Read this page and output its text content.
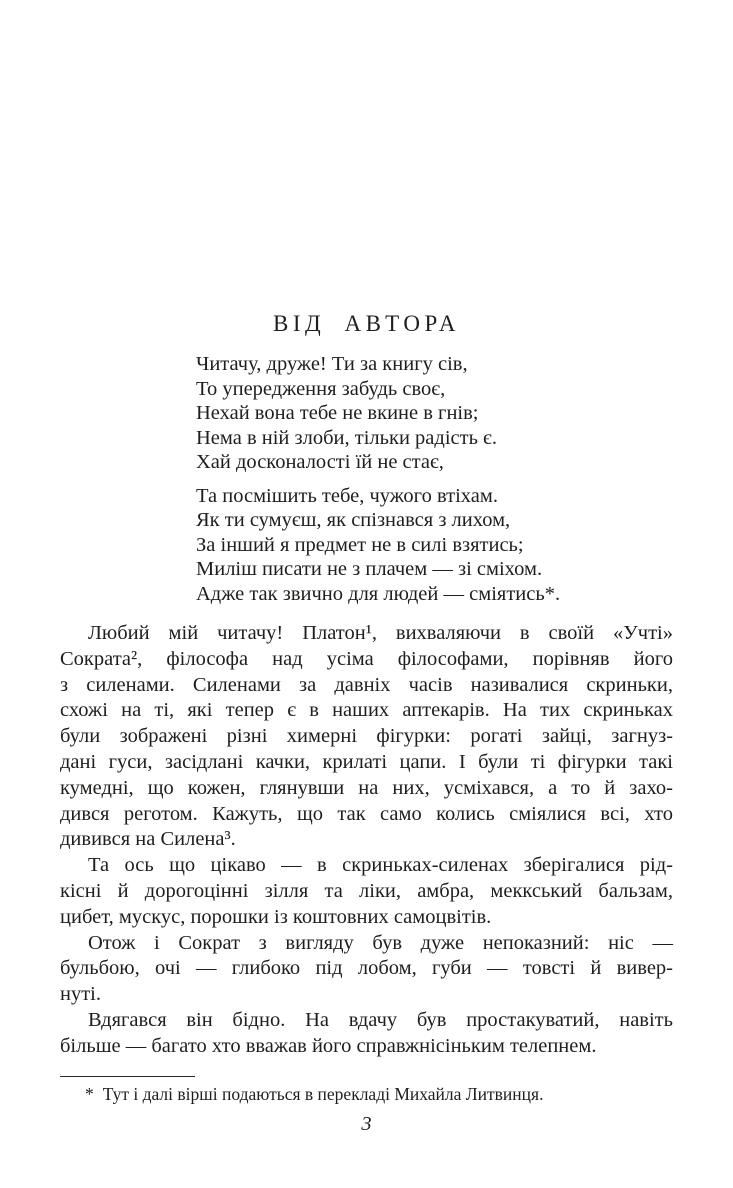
ВІД АВТОРА
Читачу, друже! Ти за книгу сів,
То упередження забудь своє,
Нехай вона тебе не вкине в гнів;
Нема в ній злоби, тільки радість є.
Хай досконалості їй не стає,
Та посмішить тебе, чужого втіхам.
Як ти сумуєш, як спізнався з лихом,
За інший я предмет не в силі взятись;
Миліш писати не з плачем — зі сміхом.
Адже так звично для людей — сміятись*.
Любий мій читачу! Платон¹, вихваляючи в своїй «Учті»
Сократа², філософа над усіма філософами, порівняв його
з силенами. Силенами за давніх часів називалися скриньки,
схожі на ті, які тепер є в наших аптекарів. На тих скриньках
були зображені різні химерні фігурки: рогаті зайці, загнуз-
дані гуси, засідлані качки, крилаті цапи. І були ті фігурки такі
кумедні, що кожен, глянувши на них, усміхався, а то й захо-
дився реготом. Кажуть, що так само колись сміялися всі, хто
дивився на Силена³.
Та ось що цікаво — в скриньках-силенах зберігалися рід-
кісні й дорогоцінні зілля та ліки, амбра, меккський бальзам,
цибет, мускус, порошки із коштовних самоцвітів.
Отож і Сократ з вигляду був дуже непоказний: ніс —
бульбою, очі — глибоко під лобом, губи — товсті й вивер-
нуті.
Вдягався він бідно. На вдачу був простакуватий, навіть
більше — багато хто вважав його справжнісіньким телепнем.
* Тут і далі вірші подаються в перекладі Михайла Литвинця.
3
